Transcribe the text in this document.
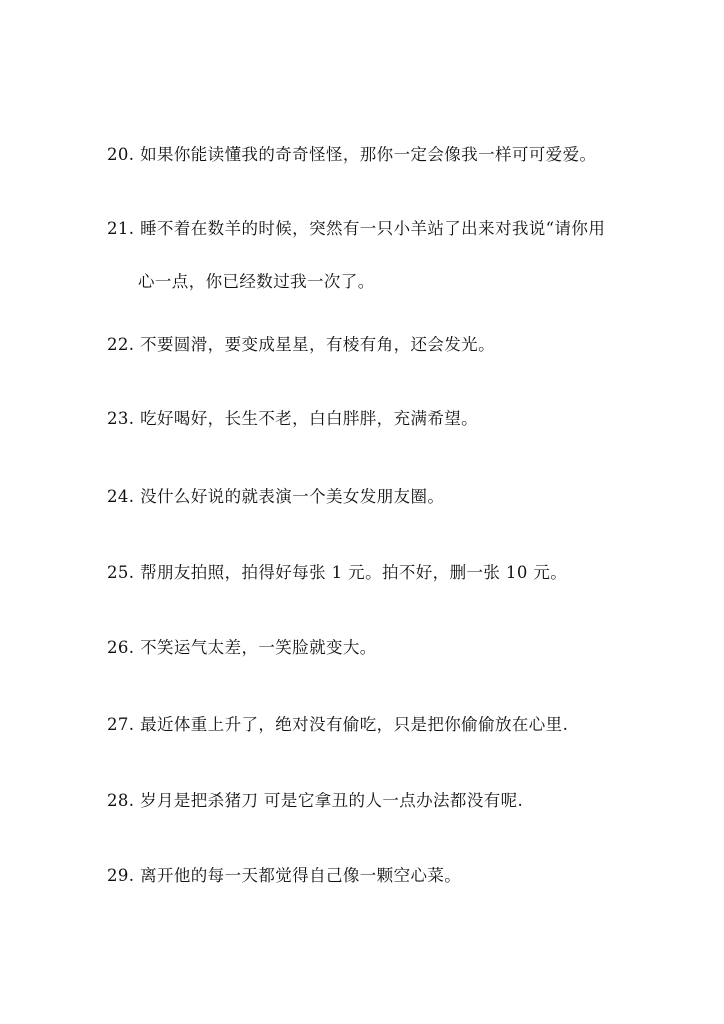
20. 如果你能读懂我的奇奇怪怪，那你一定会像我一样可可爱爱。
21. 睡不着在数羊的时候，突然有一只小羊站了出来对我说“请你用
心一点，你已经数过我一次了。
22. 不要圆滑，要变成星星，有棱有角，还会发光。
23. 吃好喝好，长生不老，白白胖胖，充满希望。
24. 没什么好说的就表演一个美女发朋友圈。
25. 帮朋友拍照，拍得好每张 1 元。拍不好，删一张 10 元。
26. 不笑运气太差，一笑脸就变大。
27. 最近体重上升了，绝对没有偷吃，只是把你偷偷放在心里.
28. 岁月是把杀猪刀 可是它拿丑的人一点办法都没有呢.
29. 离开他的每一天都觉得自己像一颗空心菜。
